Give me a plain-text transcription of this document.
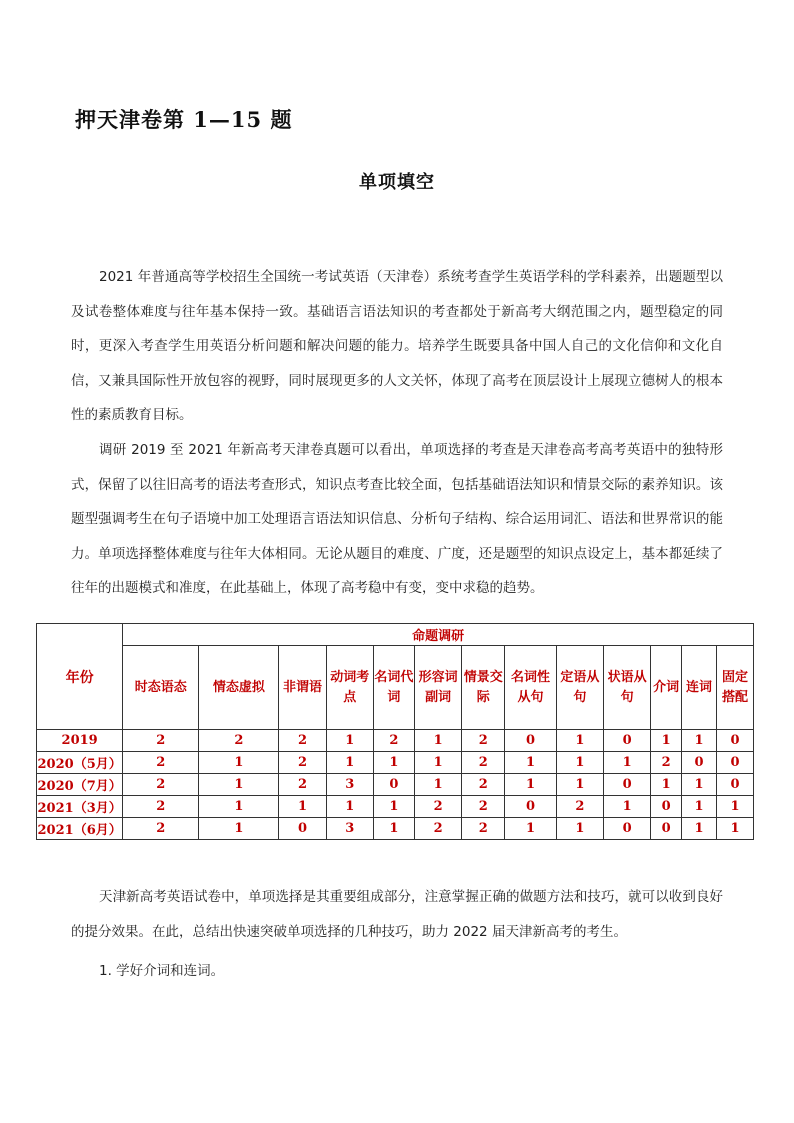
押天津卷第 1—15 题
单项填空
2021 年普通高等学校招生全国统一考试英语（天津卷）系统考查学生英语学科的学科素养，出题题型以及试卷整体难度与往年基本保持一致。基础语言语法知识的考查都处于新高考大纲范围之内，题型稳定的同时，更深入考查学生用英语分析问题和解决问题的能力。培养学生既要具备中国人自己的文化信仰和文化自信，又兼具国际性开放包容的视野，同时展现更多的人文关怀，体现了高考在顶层设计上展现立德树人的根本性的素质教育目标。
调研 2019 至 2021 年新高考天津卷真题可以看出，单项选择的考查是天津卷高考高考英语中的独特形式，保留了以往旧高考的语法考查形式，知识点考查比较全面，包括基础语法知识和情景交际的素养知识。该题型强调考生在句子语境中加工处理语言语法知识信息、分析句子结构、综合运用词汇、语法和世界常识的能力。单项选择整体难度与往年大体相同。无论从题目的难度、广度，还是题型的知识点设定上，基本都延续了往年的出题模式和准度，在此基础上，体现了高考稳中有变，变中求稳的趋势。
年份	命题调研												
	时态语态	情态虚拟	非谓语	动词考点	名词代词	形容词副词	情景交际	名词性从句	定语从句	状语从句	介词	连词	固定搭配
2019	2	2	2	1	2	1	2	0	1	0	1	1	0
2020（5月）	2	1	2	1	1	1	2	1	1	1	2	0	0
2020（7月）	2	1	2	3	0	1	2	1	1	0	1	1	0
2021（3月）	2	1	1	1	1	2	2	0	2	1	0	1	1
2021（6月）	2	1	0	3	1	2	2	1	1	0	0	1	1
天津新高考英语试卷中，单项选择是其重要组成部分，注意掌握正确的做题方法和技巧，就可以收到良好的提分效果。在此，总结出快速突破单项选择的几种技巧，助力 2022 届天津新高考的考生。
1. 学好介词和连词。
